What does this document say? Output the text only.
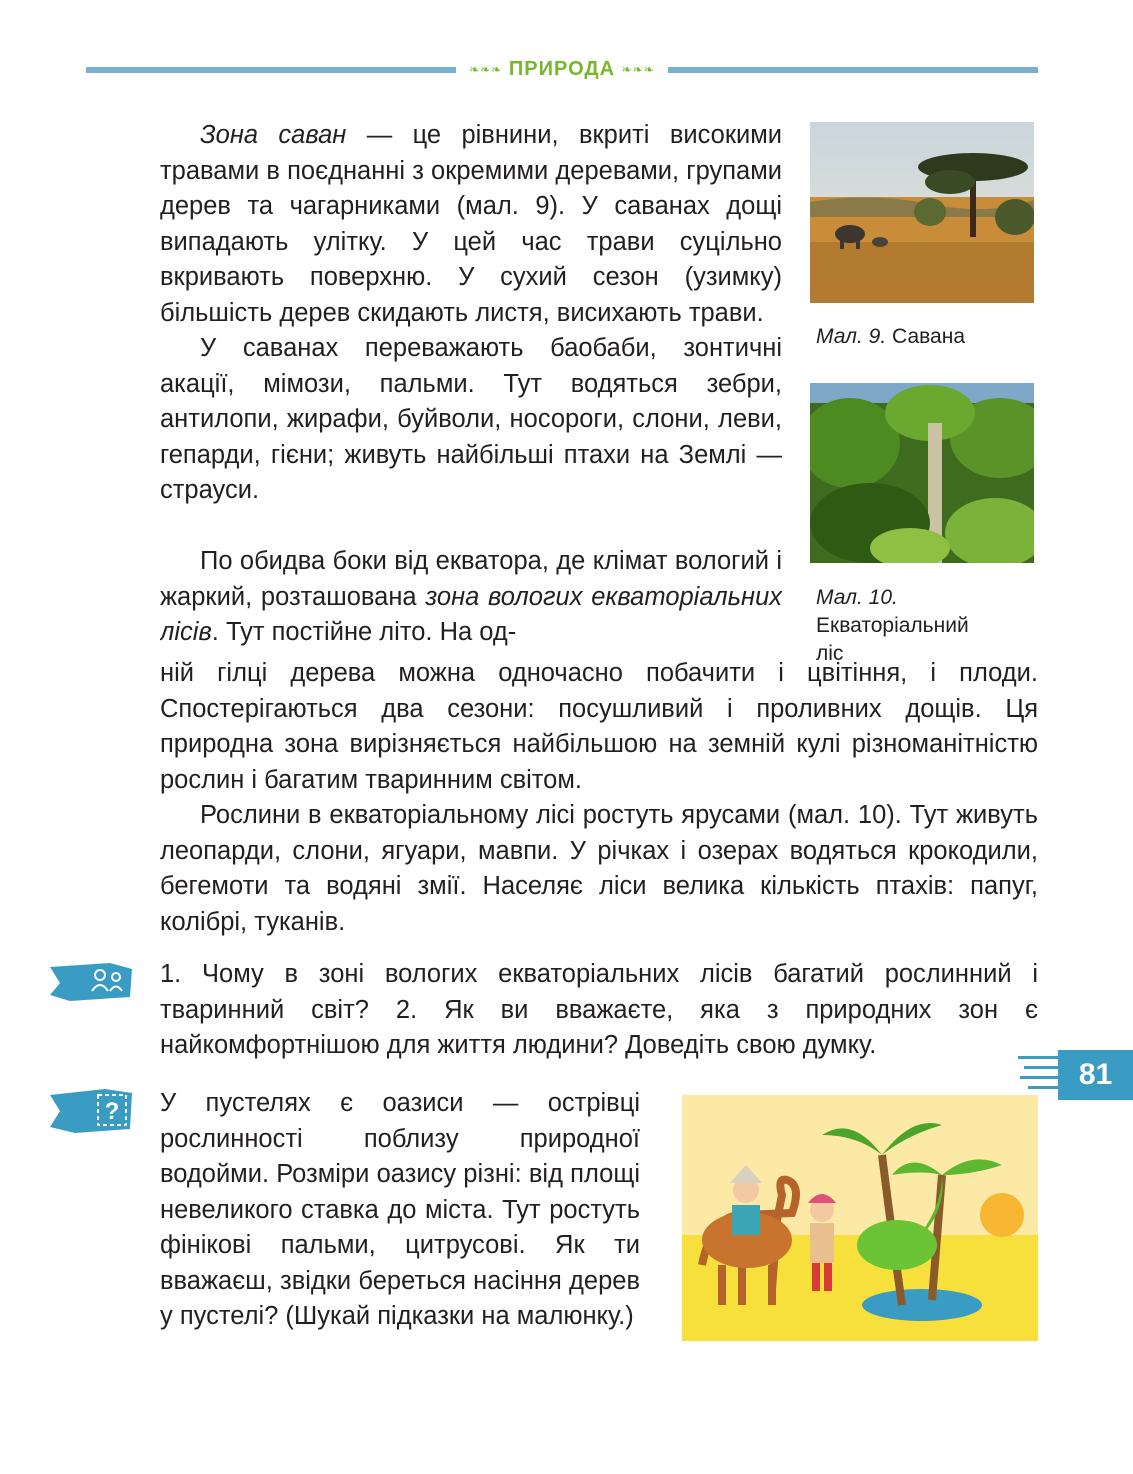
❧❧❧ ПРИРОДА ❧❧❧

Зона саван — це рівнини, вкриті високими травами в поєднанні з окремими деревами, групами дерев та чагарниками (мал. 9). У саванах дощі випадають улітку. У цей час трави суцільно вкривають поверхню. У сухий сезон (узимку) більшість дерев скидають листя, висихають трави.

У саванах переважають баобаби, зонтичні акації, мімози, пальми. Тут водяться зебри, антилопи, жирафи, буйволи, носороги, слони, леви, гепарди, гієни; живуть найбільші птахи на Землі — страуси.

По обидва боки від екватора, де клімат вологий і жаркий, розташована зона вологих екваторіальних лісів. Тут постійне літо. На од-

ній гілці дерева можна одночасно побачити і цвітіння, і плоди. Спостерігаються два сезони: посушливий і проливних дощів. Ця природна зона вирізняється найбільшою на земній кулі різноманітністю рослин і багатим тваринним світом.

Рослини в екваторіальному лісі ростуть ярусами (мал. 10). Тут живуть леопарди, слони, ягуари, мавпи. У річках і озерах водяться крокодили, бегемоти та водяні змії. Населяє ліси велика кількість птахів: папуг, колібрі, туканів.

Мал. 9. Савана
Мал. 10. Екваторіальний ліс

1. Чому в зоні вологих екваторіальних лісів багатий рослинний і тваринний світ? 2. Як ви вважаєте, яка з природних зон є найкомфортнішою для життя людини? Доведіть свою думку.

? У пустелях є оазиси — острівці рослинності поблизу природної водойми. Розміри оазису різні: від площі невеликого ставка до міста. Тут ростуть фінікові пальми, цитрусові. Як ти вважаєш, звідки береться насіння дерев у пустелі? (Шукай підказки на малюнку.)

81
